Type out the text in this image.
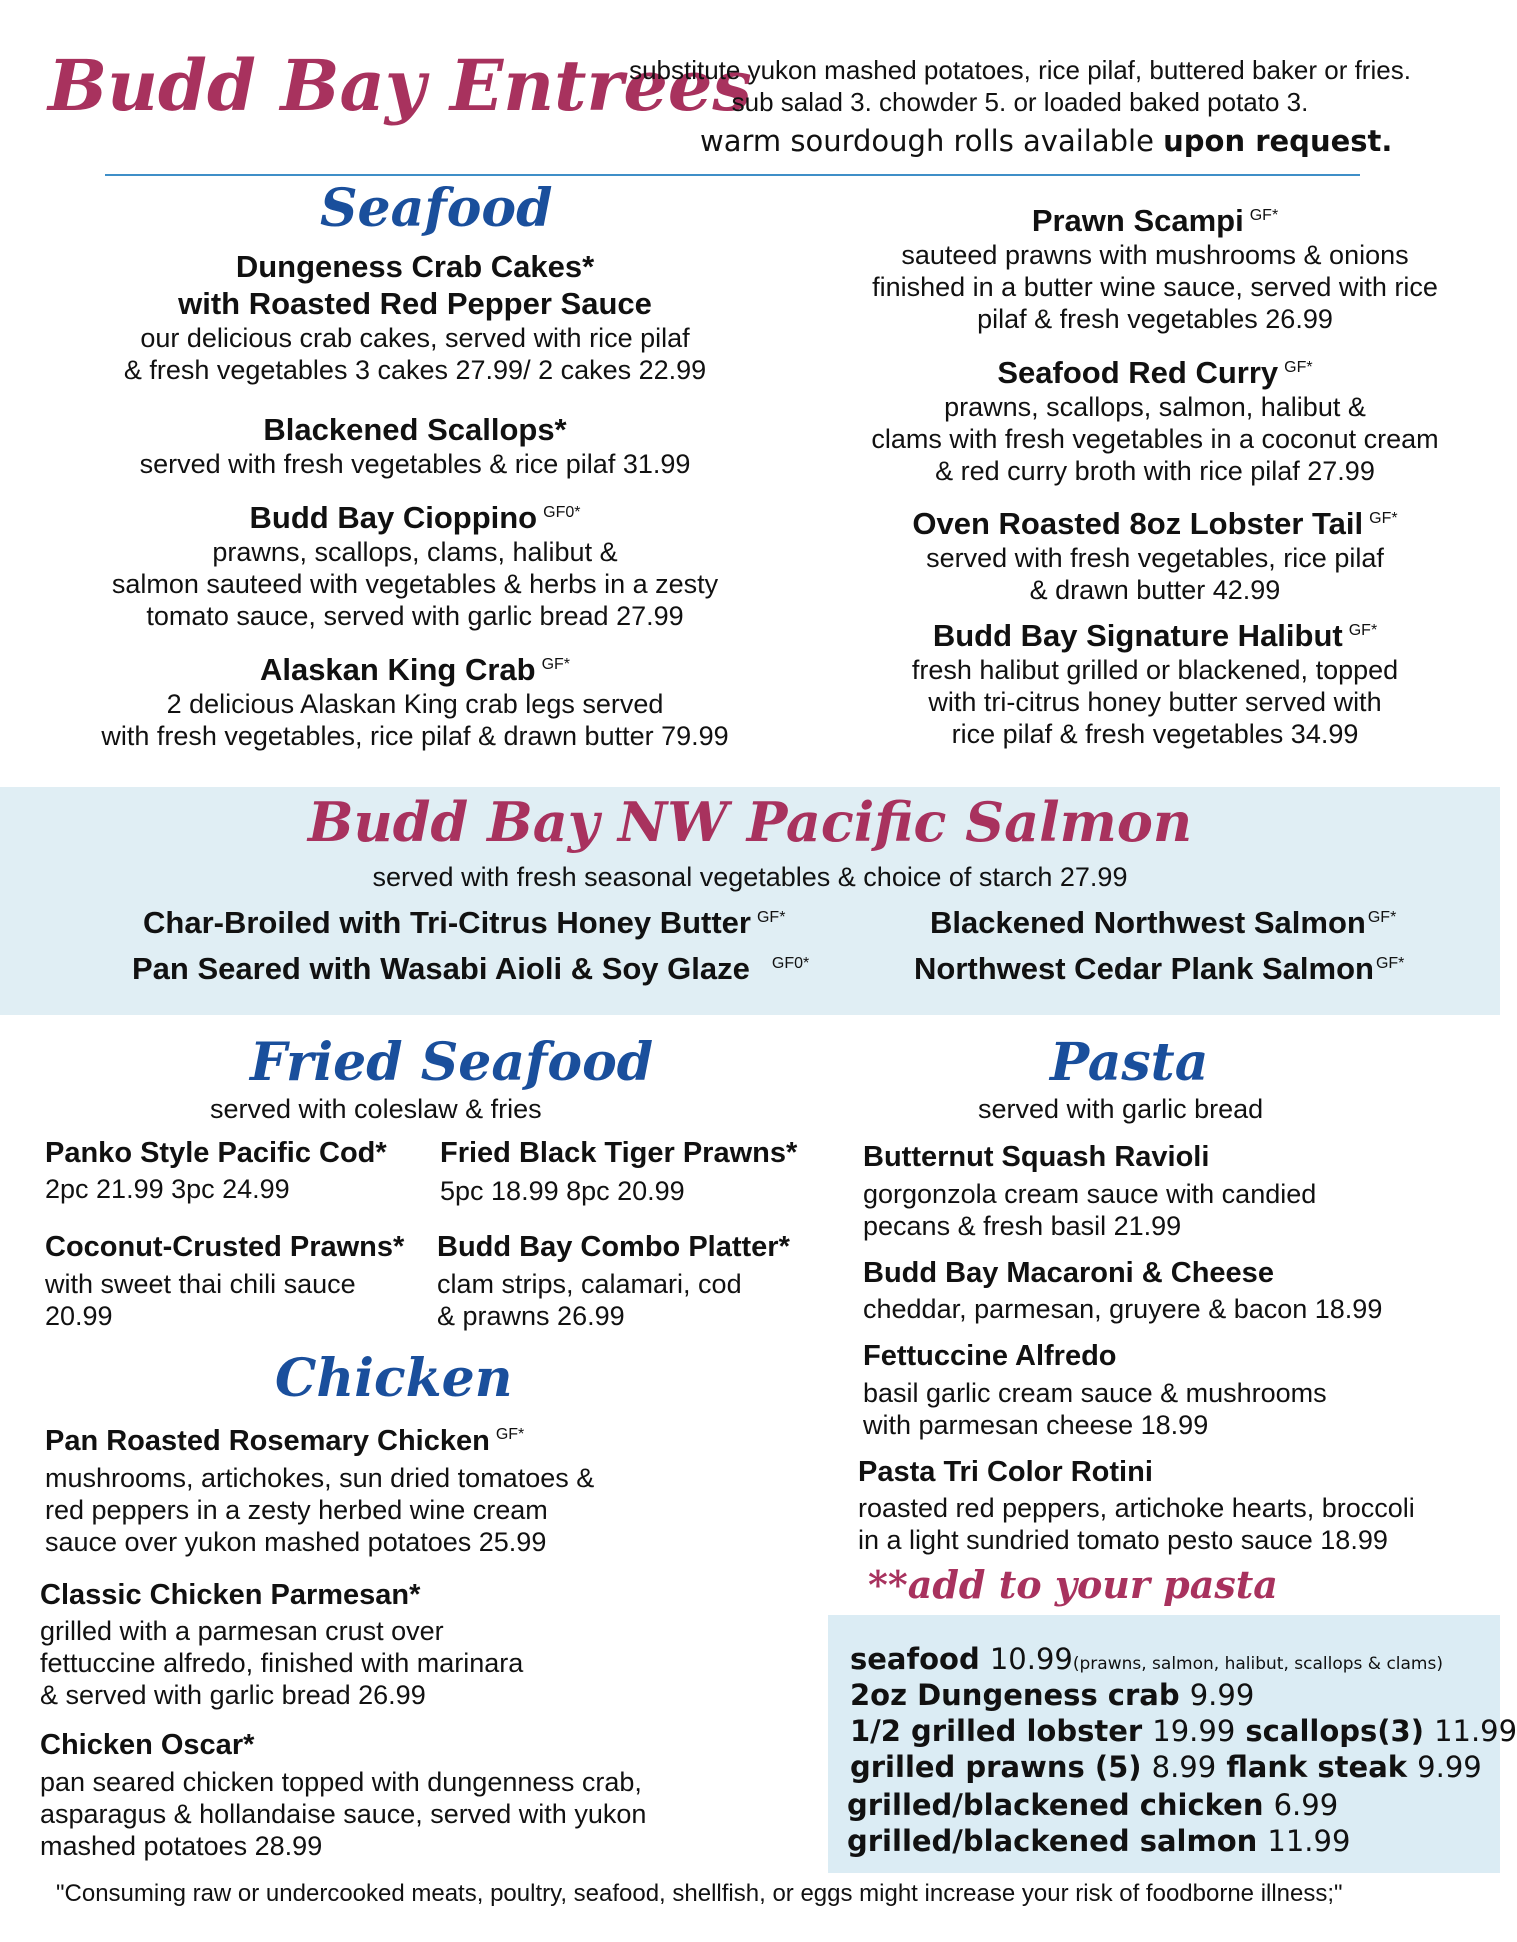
Budd Bay Entrees
substitute yukon mashed potatoes, rice pilaf, buttered baker or fries.
sub salad 3. chowder 5. or loaded baked potato 3.
warm sourdough rolls available upon request.
Seafood
Dungeness Crab Cakes*
with Roasted Red Pepper Sauce
our delicious crab cakes, served with rice pilaf
& fresh vegetables 3 cakes 27.99/ 2 cakes 22.99
Blackened Scallops*
served with fresh vegetables & rice pilaf 31.99
Budd Bay Cioppino $^{GF0*}$
prawns, scallops, clams, halibut &
salmon sauteed with vegetables & herbs in a zesty
tomato sauce, served with garlic bread 27.99
Alaskan King Crab $^{GF*}$
2 delicious Alaskan King crab legs served
with fresh vegetables, rice pilaf & drawn butter 79.99
Prawn Scampi $^{GF*}$
sauteed prawns with mushrooms & onions
finished in a butter wine sauce, served with rice
pilaf & fresh vegetables 26.99
Seafood Red Curry $^{GF*}$
prawns, scallops, salmon, halibut &
clams with fresh vegetables in a coconut cream
& red curry broth with rice pilaf 27.99
Oven Roasted 8oz Lobster Tail $^{GF*}$
served with fresh vegetables, rice pilaf
& drawn butter 42.99
Budd Bay Signature Halibut $^{GF*}$
fresh halibut grilled or blackened, topped
with tri-citrus honey butter served with
rice pilaf & fresh vegetables 34.99
Budd Bay NW Pacific Salmon
served with fresh seasonal vegetables & choice of starch 27.99
Char-Broiled with Tri-Citrus Honey Butter $^{GF*}$
Pan Seared with Wasabi Aioli & Soy Glaze $^{GF0*}$
Blackened Northwest Salmon $^{GF*}$
Northwest Cedar Plank Salmon $^{GF*}$
Fried Seafood
served with coleslaw & fries
Panko Style Pacific Cod*
2pc 21.99 3pc 24.99
Fried Black Tiger Prawns*
5pc 18.99 8pc 20.99
Coconut-Crusted Prawns*
with sweet thai chili sauce
20.99
Budd Bay Combo Platter*
clam strips, calamari, cod
& prawns 26.99
Chicken
Pan Roasted Rosemary Chicken $^{GF*}$
mushrooms, artichokes, sun dried tomatoes &
red peppers in a zesty herbed wine cream
sauce over yukon mashed potatoes 25.99
Classic Chicken Parmesan*
grilled with a parmesan crust over
fettuccine alfredo, finished with marinara
& served with garlic bread 26.99
Chicken Oscar*
pan seared chicken topped with dungenness crab,
asparagus & hollandaise sauce, served with yukon
mashed potatoes 28.99
Pasta
served with garlic bread
Butternut Squash Ravioli
gorgonzola cream sauce with candied
pecans & fresh basil 21.99
Budd Bay Macaroni & Cheese
cheddar, parmesan, gruyere & bacon 18.99
Fettuccine Alfredo
basil garlic cream sauce & mushrooms
with parmesan cheese 18.99
Pasta Tri Color Rotini
roasted red peppers, artichoke hearts, broccoli
in a light sundried tomato pesto sauce 18.99
**add to your pasta
seafood 10.99(prawns, salmon, halibut, scallops & clams)
2oz Dungeness crab 9.99
1/2 grilled lobster 19.99 scallops(3) 11.99
grilled prawns (5) 8.99 flank steak 9.99
grilled/blackened chicken 6.99
grilled/blackened salmon 11.99
"Consuming raw or undercooked meats, poultry, seafood, shellfish, or eggs might increase your risk of foodborne illness;"
